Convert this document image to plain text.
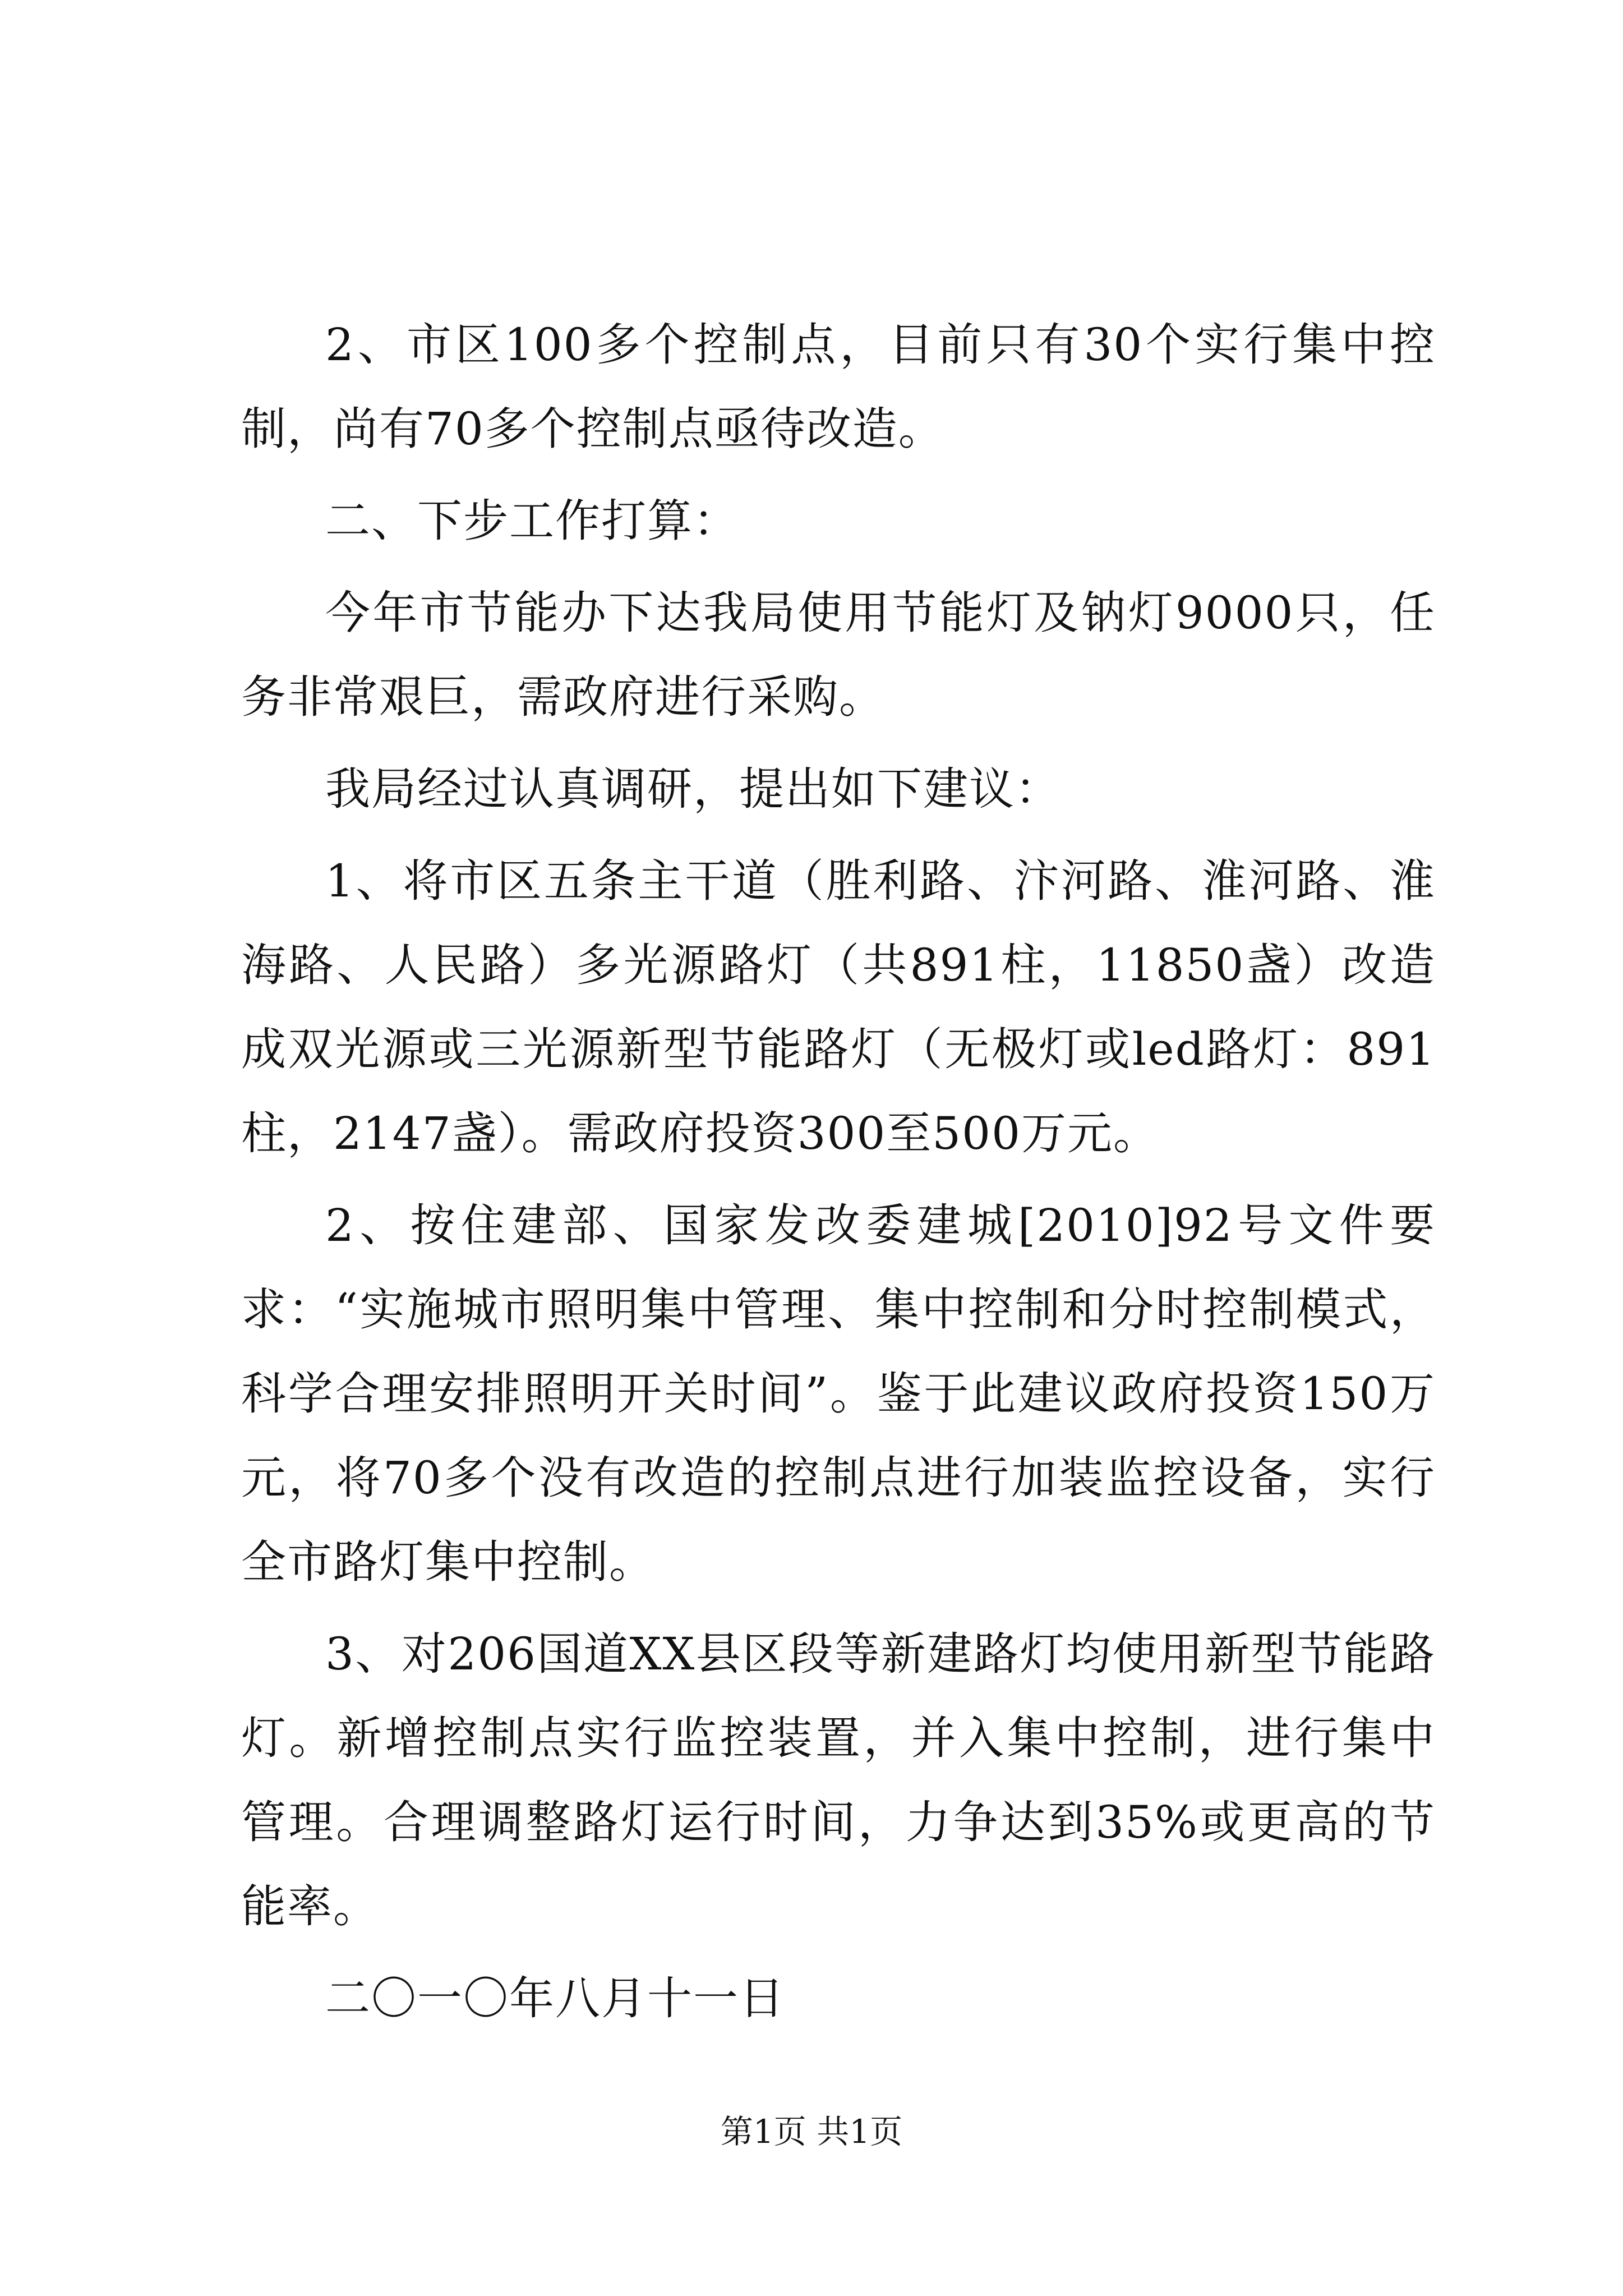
2、市区100多个控制点，目前只有30个实行集中控制，尚有70多个控制点亟待改造。

二、下步工作打算：

今年市节能办下达我局使用节能灯及钠灯9000只，任务非常艰巨，需政府进行采购。

我局经过认真调研，提出如下建议：

1、将市区五条主干道（胜利路、汴河路、淮河路、淮海路、人民路）多光源路灯（共891柱，11850盏）改造成双光源或三光源新型节能路灯（无极灯或led路灯：891柱，2147盏）。需政府投资300至500万元。

2、按住建部、国家发改委建城[2010]92号文件要求：“实施城市照明集中管理、集中控制和分时控制模式，科学合理安排照明开关时间”。鉴于此建议政府投资150万元，将70多个没有改造的控制点进行加装监控设备，实行全市路灯集中控制。

3、对206国道XX县区段等新建路灯均使用新型节能路灯。新增控制点实行监控装置，并入集中控制，进行集中管理。合理调整路灯运行时间，力争达到35%或更高的节能率。

二〇一〇年八月十一日

第1页 共1页
